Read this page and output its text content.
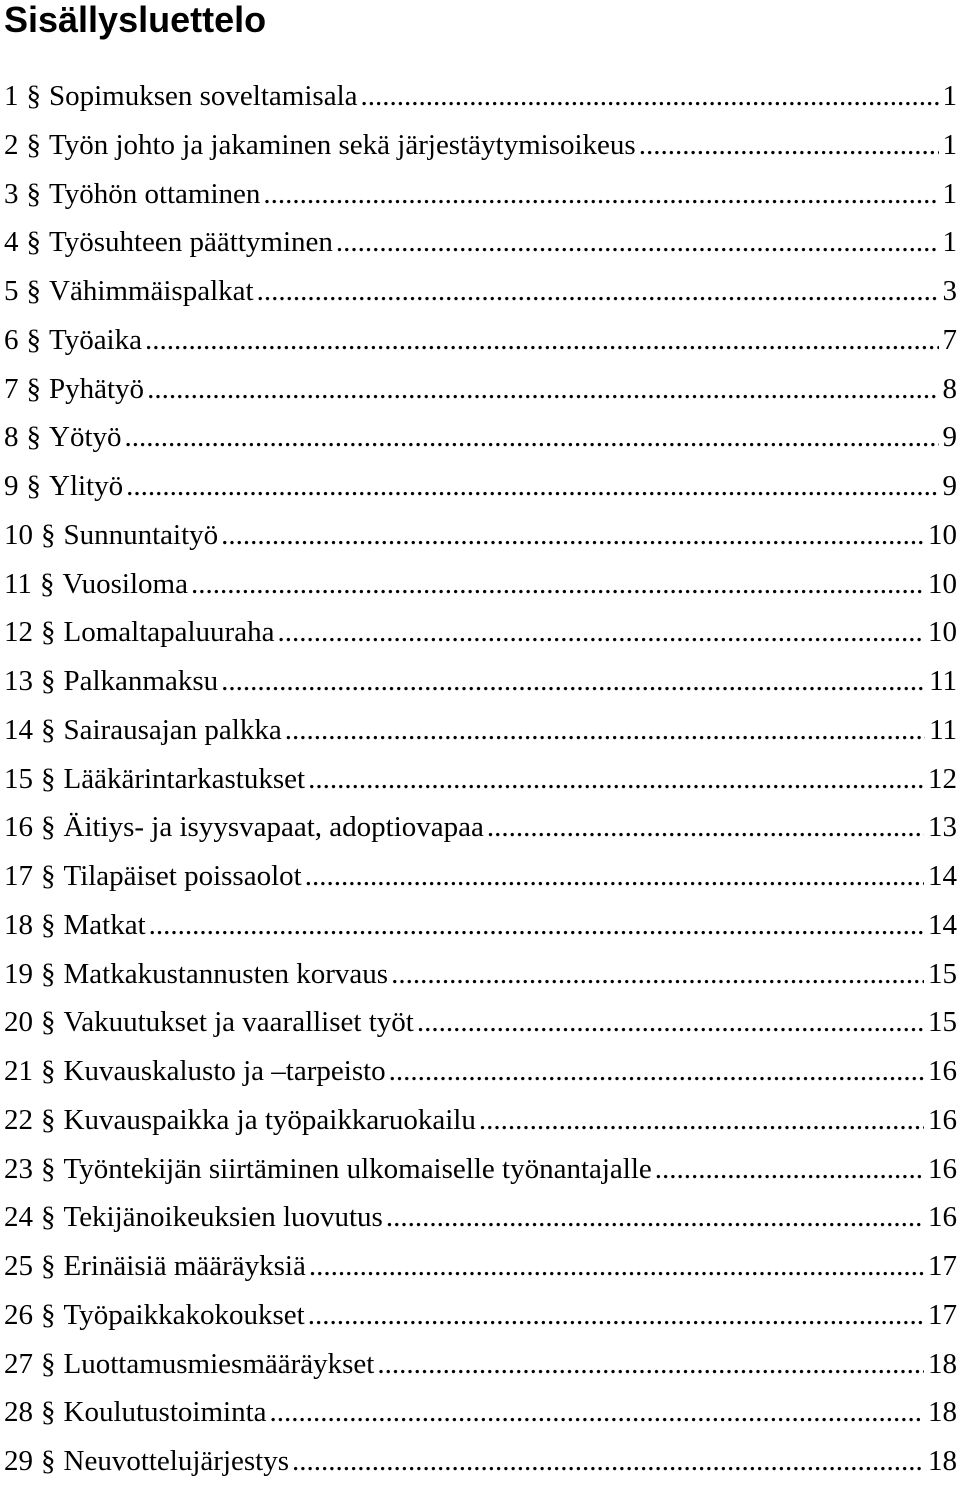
Sisällysluettelo
1 § Sopimuksen soveltamisala .....	1
2 § Työn johto ja jakaminen sekä järjestäytymisoikeus .....	1
3 § Työhön ottaminen .....	1
4 § Työsuhteen päättyminen .....	1
5 § Vähimmäispalkat .....	3
6 § Työaika .....	7
7 § Pyhätyö .....	8
8 § Yötyö .....	9
9 § Ylityö .....	9
10 § Sunnuntaityö .....	10
11 § Vuosiloma .....	10
12 § Lomaltapaluuraha .....	10
13 § Palkanmaksu .....	11
14 § Sairausajan palkka .....	11
15 § Lääkärintarkastukset .....	12
16 § Äitiys- ja isyysvapaat, adoptiovapaa .....	13
17 § Tilapäiset poissaolot .....	14
18 § Matkat .....	14
19 § Matkakustannusten korvaus .....	15
20 § Vakuutukset ja vaaralliset työt .....	15
21 § Kuvauskalusto ja –tarpeisto .....	16
22 § Kuvauspaikka ja työpaikkaruokailu .....	16
23 § Työntekijän siirtäminen ulkomaiselle työnantajalle .....	16
24 § Tekijänoikeuksien luovutus .....	16
25 § Erinäisiä määräyksiä .....	17
26 § Työpaikkakokoukset .....	17
27 § Luottamusmiesmääräykset .....	18
28 § Koulutustoiminta .....	18
29 § Neuvottelujärjestys .....	18
